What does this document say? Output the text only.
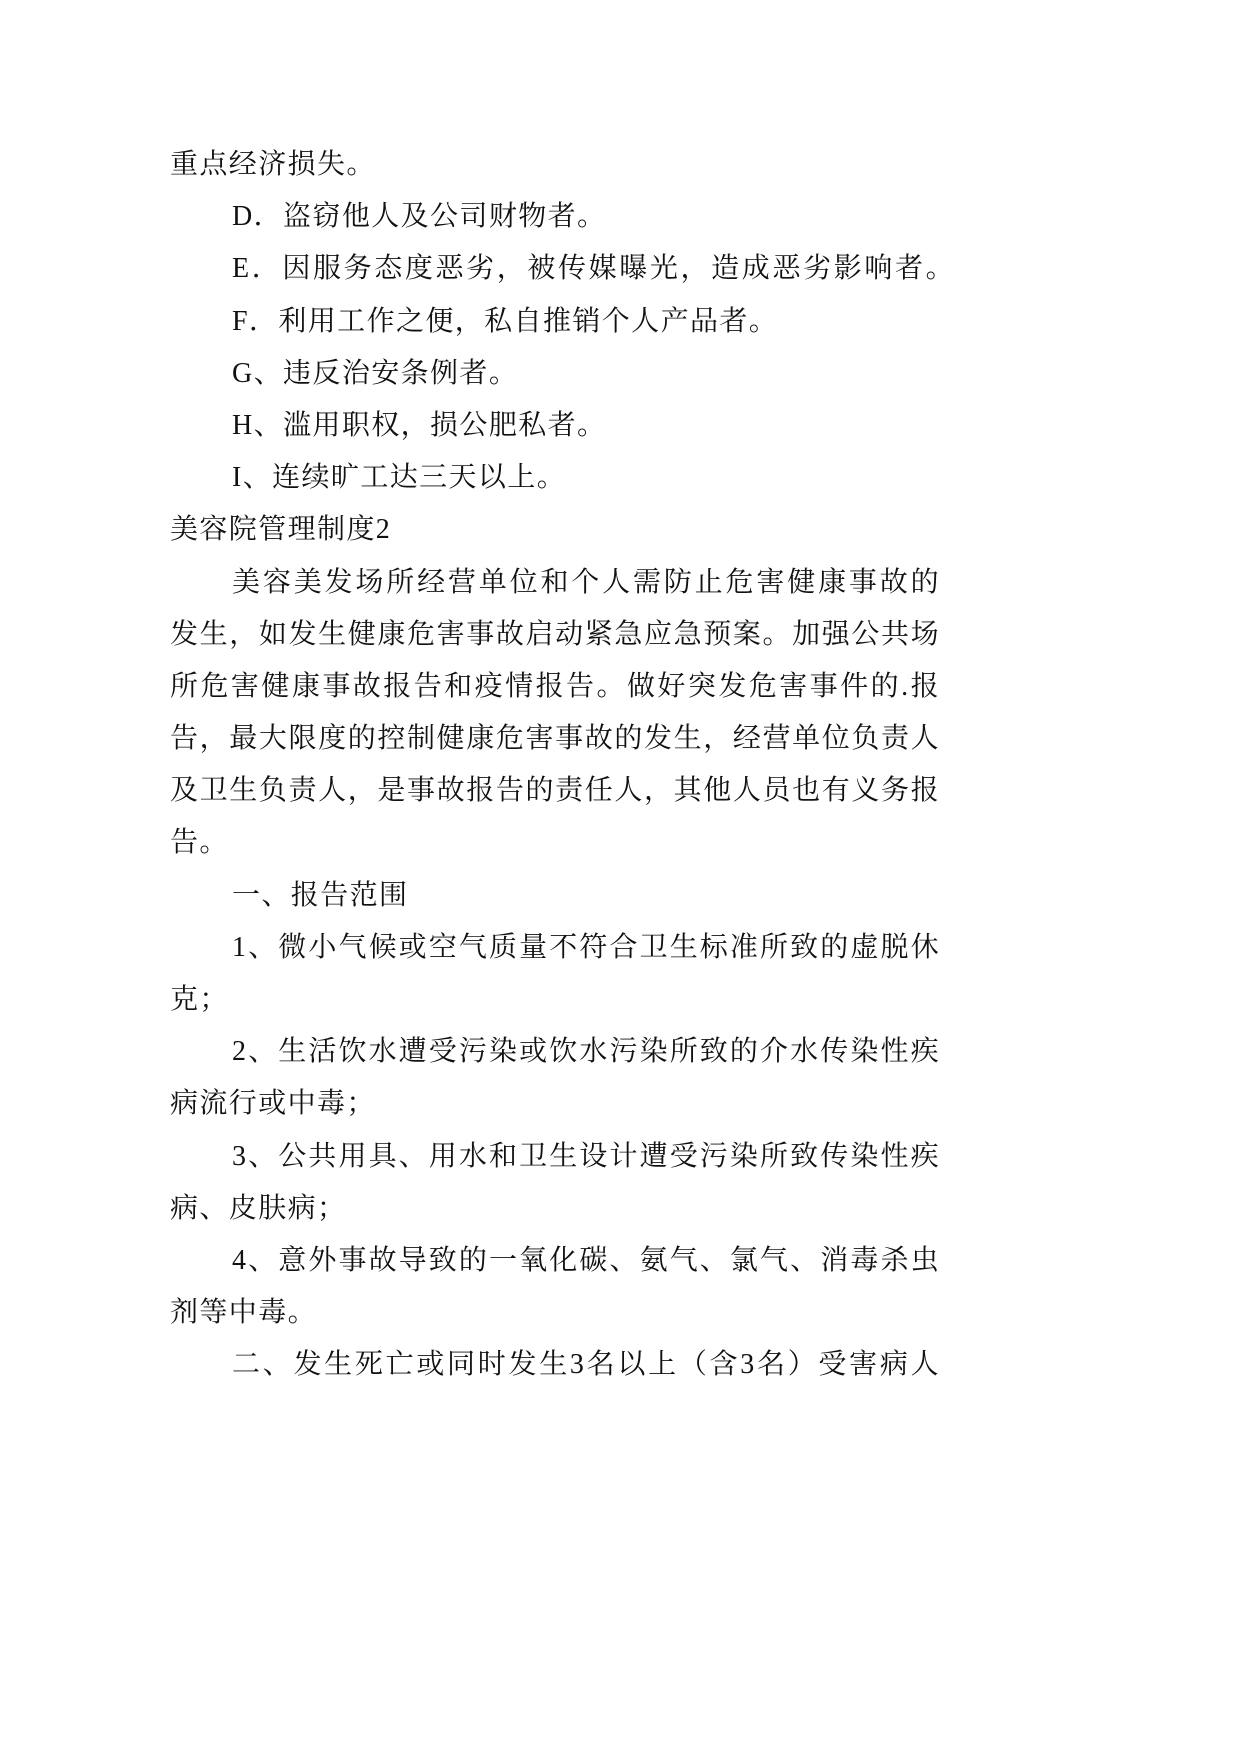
重点经济损失。
D．盗窃他人及公司财物者。
E．因服务态度恶劣，被传媒曝光，造成恶劣影响者。
F．利用工作之便，私自推销个人产品者。
G、违反治安条例者。
H、滥用职权，损公肥私者。
I、连续旷工达三天以上。
美容院管理制度2
美容美发场所经营单位和个人需防止危害健康事故的
发生，如发生健康危害事故启动紧急应急预案。加强公共场
所危害健康事故报告和疫情报告。做好突发危害事件的.报
告，最大限度的控制健康危害事故的发生，经营单位负责人
及卫生负责人，是事故报告的责任人，其他人员也有义务报
告。
一、报告范围
1、微小气候或空气质量不符合卫生标准所致的虚脱休
克；
2、生活饮水遭受污染或饮水污染所致的介水传染性疾
病流行或中毒；
3、公共用具、用水和卫生设计遭受污染所致传染性疾
病、皮肤病；
4、意外事故导致的一氧化碳、氨气、氯气、消毒杀虫
剂等中毒。
二、发生死亡或同时发生3名以上（含3名）受害病人
